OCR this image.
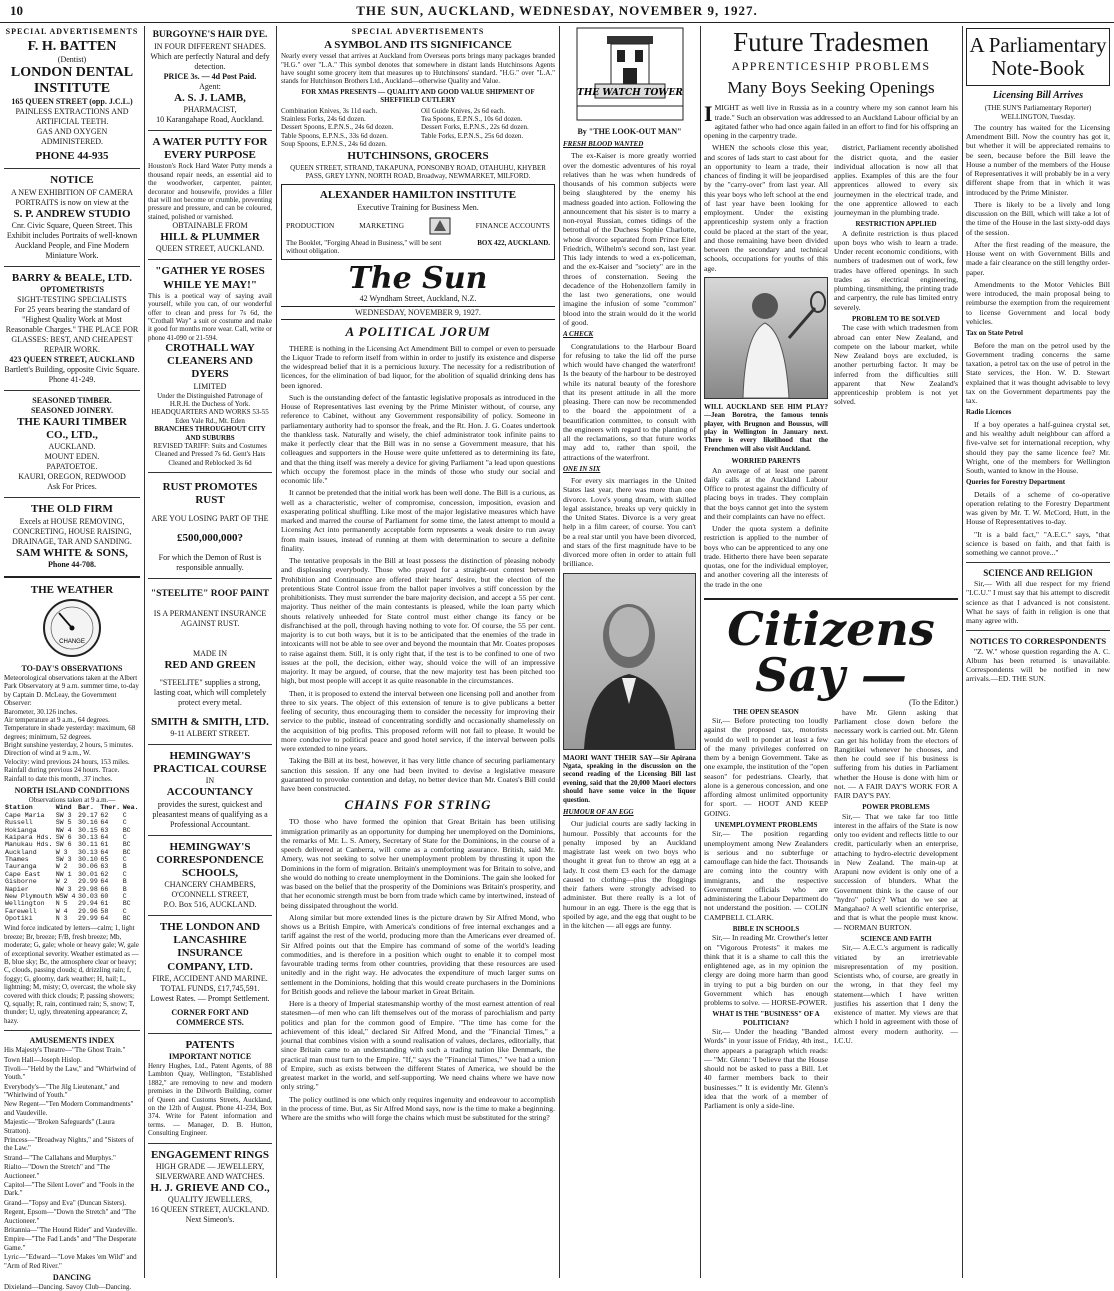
10	THE SUN, AUCKLAND, WEDNESDAY, NOVEMBER 9, 1927.
SPECIAL ADVERTISEMENTS
F. H. BATTEN
(Dentist)
LONDON DENTAL
INSTITUTE
165 QUEEN STREET (opp. J.C.L.)
PAINLESS EXTRACTIONS AND
ARTIFICIAL TEETH.
GAS AND OXYGEN
ADMINISTERED.
PHONE 44-935
NOTICE
A NEW EXHIBITION OF CAMERA PORTRAITS is now on view at the
S. P. ANDREW STUDIO
Cnr. Civic Square, Queen Street. This Exhibit includes Portraits of well-known Auckland People, and Fine Modern Miniature Work.
BARRY & BEALE, LTD.
OPTOMETRISTS
SIGHT-TESTING SPECIALISTS
For 25 years bearing the standard of "Highest Quality Work at Most Reasonable Charges." THE PLACE FOR GLASSES: BEST, AND CHEAPEST REPAIR WORK.
423 QUEEN STREET, AUCKLAND
Bartlett's Building, opposite Civic Square. Phone 41-249.
SEASONED TIMBER.
SEASONED JOINERY.
THE KAURI TIMBER
CO., LTD.,
AUCKLAND.
MOUNT EDEN.
PAPATOETOE.
KAURI, OREGON, REDWOOD
Ask For Prices.
THE OLD FIRM
Excels at HOUSE REMOVING, CONCRETING, HOUSE RAISING, DRAINAGE, TAR AND SANDING.
SAM WHITE & SONS,
Phone 44-708.
THE WEATHER
CHANGE
TO-DAY'S OBSERVATIONS
Meteorological observations taken at the Albert Park Observatory at 9 a.m. summer time, to-day by Captain D. McLeay, the Government Observer:
Barometer, 30.126 inches.
Air temperature at 9 a.m., 64 degrees.
Temperature in shade yesterday: maximum, 68 degrees; minimum, 52 degrees.
Bright sunshine yesterday, 2 hours, 5 minutes.
Direction of wind at 9 a.m., W.
Velocity: wind previous 24 hours, 153 miles.
Rainfall during previous 24 hours. Trace. Rainfall to date this month, .37 inches.
NORTH ISLAND CONDITIONS
Observations taken at 9 a.m.—
Station	Wind	Bar.	Ther.	Wea.
Cape Maria	SW 3	29.17	62	C
Russell	SW 5	30.16	64	C
Hokianga	NW 4	30.15	63	BC
Kaipara Hds.	SW 6	30.13	64	C
Manukau Hds.	SW 6	30.11	61	BC
Auckland	W 3	30.13	64	BC
Thames	SW 3	30.10	65	C
Tauranga	W 2	30.06	63	B
Cape East	NW 1	30.01	62	C
Gisborne	W 2	29.99	64	B
Napier	NW 3	29.98	66	B
New Plymouth	WSW 4	30.03	60	C
Wellington	N 5	29.94	61	BC
Farewell	W 4	29.96	58	C
Opotiki	N 3	29.99	64	BC
Wind force indicated by letters—calm; 1, light breeze; Br, breeze; F/B, fresh breeze; Mb, moderate; G, gale; whole or heavy gale; W, gale of exceptional severity. Weather estimated as —B, blue sky; Bc, the atmosphere clear or heavy; C, clouds, passing clouds; d, drizzling rain; f, foggy; G, gloomy, dark weather; H, hail; L, lightning; M, misty; O, overcast, the whole sky covered with thick clouds; P, passing showers; Q, squally; R, rain, continued rain; S, snow; T, thunder; U, ugly, threatening appearance; Z, hazy.
AMUSEMENTS INDEX
His Majesty's Theatre—"The Ghost Train."
Town Hall—Joseph Hislop.
Tivoli—"Held by the Law," and "Whirlwind of Youth."
Everybody's—"The Jilg Lieutenant," and "Whirlwind of Youth."
New Regent—"Ten Modern Commandments" and Vaudeville.
Majestic—"Broken Safeguards" (Laura Stratton).
Princess—"Broadway Nights," and "Sisters of the Law."
Strand—"The Callahans and Murphys."
Rialto—"Down the Stretch" and "The Auctioneer."
Capitol—"The Silent Lover" and "Fools in the Dark."
Grand—"Topsy and Eva" (Duncan Sisters).
Regent, Epsom—"Down the Stretch" and "The Auctioneer."
Britannia—"The Hound Rider" and Vaudeville.
Empire—"The Fad Lands" and "The Desperate Game."
Lyric—"Edward—"Love Makes 'em Wild" and "Arm of Red River."
DANCING
Dixieland—Dancing. Savoy Club—Dancing.
BURGOYNE'S HAIR DYE.
IN FOUR DIFFERENT SHADES.
Which are perfectly Natural and defy detection.
PRICE 3s. — 4d Post Paid.
Agent:
A. S. J. LAMB,
PHARMACIST,
10 Karangahape Road, Auckland.
A WATER PUTTY FOR EVERY PURPOSE
Houston's Rock Hard Water Putty mends a thousand repair needs, an essential aid to the woodworker, carpenter, painter, decorator and housewife, provides a filler that will not become or crumble, preventing pressure and pressure, and can be coloured, stained, polished or varnished.
OBTAINABLE FROM
HILL & PLUMMER
QUEEN STREET, AUCKLAND.
"GATHER YE ROSES WHILE YE MAY!"
This is a poetical way of saying avail yourself, while you can, of our wonderful offer to clean and press for 7s 6d, the "Crothall Way" a suit or costume and make it good for months more wear. Call, write or phone 41-090 or 21-594.
CROTHALL WAY CLEANERS AND DYERS
LIMITED
Under the Distinguished Patronage of H.R.H. the Duchess of York. HEADQUARTERS AND WORKS 53-55 Eden Vale Rd., Mt. Eden
BRANCHES THROUGHOUT CITY AND SUBURBS
REVISED TARIFF: Suits and Costumes Cleaned and Pressed 7s 6d. Gent's Hats Cleaned and Reblocked 3s 6d
RUST PROMOTES RUST
ARE YOU LOSING PART OF THE
£500,000,000?
For which the Demon of Rust is responsible annually.
"STEELITE" ROOF PAINT
IS A PERMANENT INSURANCE
AGAINST RUST.
MADE IN
RED AND GREEN
"STEELITE" supplies a strong, lasting coat, which will completely protect every metal.
SMITH & SMITH, LTD.
9-11 ALBERT STREET.
HEMINGWAY'S PRACTICAL COURSE
IN
ACCOUNTANCY
provides the surest, quickest and pleasantest means of qualifying as a Professional Accountant.
HEMINGWAY'S CORRESPONDENCE SCHOOLS,
CHANCERY CHAMBERS, O'CONNELL STREET,
P.O. Box 516, AUCKLAND.
THE LONDON AND LANCASHIRE INSURANCE COMPANY, LTD.
FIRE, ACCIDENT AND MARINE. TOTAL FUNDS, £17,745,591. Lowest Rates. — Prompt Settlement.
CORNER FORT AND COMMERCE STS.
PATENTS
IMPORTANT NOTICE
Henry Hughes, Ltd., Patent Agents, of 88 Lambton Quay, Wellington, "Established 1882," are removing to new and modern premises in the Dilworth Building, corner of Queen and Customs Streets, Auckland, on the 12th of August. Phone 41-234, Box 374. Write for Patent information and terms. — Manager, D. B. Hutton, Consulting Engineer.
ENGAGEMENT RINGS
HIGH GRADE — JEWELLERY, SILVERWARE AND WATCHES.
H. J. GRIEVE AND CO.,
QUALITY JEWELLERS,
16 QUEEN STREET, AUCKLAND. Next Simeon's.
SPECIAL ADVERTISEMENTS
A SYMBOL AND ITS SIGNIFICANCE
Nearly every vessel that arrives at Auckland from Overseas ports brings many packages branded "H.G." over "L.A." This symbol denotes that somewhere in distant lands Hutchinsons Agents have sought some grocery item that measures up to Hutchinsons' standard. "H.G." over "L.A." stands for Hutchinson Brothers Ltd., Auckland—otherwise Quality and Value.
FOR XMAS PRESENTS — QUALITY AND GOOD VALUE SHIPMENT OF SHEFFIELD CUTLERY
Combination Knives, 3s 11d each.
Stainless Forks, 24s 6d dozen.
Dessert Spoons, E.P.N.S., 24s 6d dozen.
Table Spoons, E.P.N.S., 33s 6d dozen.
Soup Spoons, E.P.N.S., 24s 6d dozen.
Oil Guide Knives, 2s 6d each.
Tea Spoons, E.P.N.S., 10s 6d dozen.
Dessert Forks, E.P.N.S., 22s 6d dozen.
Table Forks, E.P.N.S., 25s 6d dozen.
HUTCHINSONS, GROCERS
QUEEN STREET, STRAND, TAKAPUNA, PONSONBY ROAD, OTAHUHU, KHYBER PASS, GREY LYNN, NORTH ROAD, Broadway, NEWMARKET, MILFORD.
ALEXANDER HAMILTON INSTITUTE
Executive Training for Business Men.
PRODUCTION	MARKETING	FINANCE ACCOUNTS
The Booklet, "Forging Ahead in Business," will be sent without obligation.
BOX 422, AUCKLAND.
The Sun
42 Wyndham Street, Auckland, N.Z.
WEDNESDAY, NOVEMBER 9, 1927.
A POLITICAL JORUM

THERE is nothing in the Licensing Act Amendment Bill to compel or even to persuade the Liquor Trade to reform itself from within in order to justify its existence and disperse the widespread belief that it is a pernicious luxury. The necessity for a redistribution of licences, for the elimination of bad liquor, for the abolition of squalid drinking dens has been ignored.

Such is the outstanding defect of the fantastic legislative proposals as introduced in the House of Representatives last evening by the Prime Minister without, of course, any reference to Cabinet, without any Government responsibility of policy. Someone in parliamentary authority had to sponsor the freak, and the Rt. Hon. J. G. Coates undertook the thankless task. Naturally and wisely, the chief administrator took infinite pains to make it perfectly clear that the Bill was in no sense a Government measure, that his colleagues and supporters in the House were quite unfettered as to determining its fate, and that the thing itself was merely a device for giving Parliament "a lead upon questions which occupy the foremost place in the minds of those who study our social and economic life."

It cannot be pretended that the initial work has been well done. The Bill is a curious, as well as a characteristic, welter of compromise, concession, imposition, evasion and exasperating political shuffling. Like most of the major legislative measures which have marked and marred the course of Parliament for some time, the latest attempt to mould a Licensing Act into permanently acceptable form represents a weak desire to run away from main issues, instead of running at them with determination to secure a definite finality.

The tentative proposals in the Bill at least possess the distinction of pleasing nobody and displeasing everybody. Those who prayed for a straight-out contest between Prohibition and Continuance are offered their hearts' desire, but the election of the pretentious State Control issue from the ballot paper involves a stiff concession by the prohibitionists. They must surrender the bare majority decision, and accept a 55 per cent. majority. Thus neither of the main contestants is pleased, while the loan party which shouts relatively unheeded for State control must either change its fancy or be disfranchised at the poll, through having nothing to vote for. Of course, the 55 per cent. majority is to cut both ways, but it is to be anticipated that the enemies of the trade in intoxicants will not be able to see over and beyond the mountain that Mr. Coates proposes to raise against them. Still, it is only right that, if the test is to be confined to one of two issues at the poll, the decision, either way, should voice the will of an impressive majority. It may be argued, of course, that the new majority test has been pitched too high, but most people will accept it as quite reasonable in the circumstances.

Then, it is proposed to extend the interval between one licensing poll and another from three to six years. The object of this extension of tenure is to give publicans a better feeling of security, thus encouraging them to consider the necessity for improving their service to the public, instead of concentrating sordidly and occasionally shamelessly on the acquisition of big profits. This proposed reform will not fail to please. It would be more conducive to political peace and good hotel service, if the interval between polls were extended to nine years.

Taking the Bill at its best, however, it has very little chance of securing parliamentary sanction this session. If any one had been invited to devise a legislative measure guaranteed to provoke contention and delay, no better device than Mr. Coates's Bill could have been constructed.

CHAINS FOR STRING

TO those who have formed the opinion that Great Britain has been utilising immigration primarily as an opportunity for dumping her unemployed on the Dominions, the remarks of Mr. L. S. Amery, Secretary of State for the Dominions, in the course of a speech delivered at Canberra, will come as a comforting assurance. British, said Mr. Amery, was not seeking to solve her unemployment problem by thrusting it upon the Dominions in the form of migration. Britain's unemployment was for Britain to solve, and she would do nothing to create unemployment in the Dominions. The gain she looked for was based on the belief that the prosperity of the Dominions was Britain's prosperity, and that her economic strength must be born from trade which came by intertwined, instead of being dissipated throughout the world.

Along similar but more extended lines is the picture drawn by Sir Alfred Mond, who shows us a British Empire, with America's conditions of free internal exchanges and a tariff against the rest of the world, producing more than the Americans ever dreamed of. Sir Alfred points out that the Empire has command of some of the world's leading commodities, and is therefore in a position which ought to enable it to compel most favourable trading terms from other countries, providing that these resources are used unitedly and in the right way. He advocates the expenditure of much larger sums on settlement in the Dominions, holding that this would create purchasers in the Dominions for British goods and relieve the labour market in Great Britain.

Here is a theory of Imperial statesmanship worthy of the most earnest attention of real statesmen—of men who can lift themselves out of the morass of parochialism and party politics and plan for the common good of Empire. "The time has come for the achievement of this ideal," declared Sir Alfred Mond, and the "Financial Times," a journal that combines vision with a sound realisation of values, declares, editorially, that since Britain came to an understanding with such a trading nation like Denmark, the practical man must turn to the Empire. "If," says the "Financial Times," "we had a union of Empire, such as exists between the different States of America, we should be the greatest market in the world, and self-supporting. We need chains where we have now only string."

The policy outlined is one which only requires ingenuity and endeavour to accomplish in the process of time. But, as Sir Alfred Mond says, now is the time to make a beginning. Where are the smiths who will forge the chains which must be substituted for the string?

THE WATCH TOWER
By "THE LOOK-OUT MAN"
FRESH BLOOD WANTED

The ex-Kaiser is more greatly worried over the domestic adventures of his royal relatives than he was when hundreds of thousands of his common subjects were being slaughtered by the enemy his madness goaded into action. Following the announcement that his sister is to marry a non-royal Russian, comes tidings of the betrothal of the Duchess Sophie Charlotte, whose divorce separated from Prince Eitel Friedrich, Wilhelm's second son, last year. This lady intends to wed a ex-policeman, and the ex-Kaiser and "society" are in the throes of consternation. Seeing the decadence of the Hohenzollern family in the last two generations, one would imagine the infusion of some "common" blood into the strain would do it the world of good.

A CHECK

Congratulations to the Harbour Board for refusing to take the lid off the purse which would have changed the waterfront! Is the beauty of the harbour to be destroyed while its natural beauty of the foreshore that its present attitude in all the more pleasing. There can now be recommended to the board the appointment of a beautification committee, to consult with the engineers with regard to the planting of all the reclamations, so that future works may add to, rather than spoil, the attractions of the waterfront.

ONE IN SIX

For every six marriages in the United States last year, there was more than one divorce. Love's young dream, with skilled legal assistance, breaks up very quickly in the United States. Divorce is a very great help in a film career, of course. You can't be a real star until you have been divorced, and stars of the first magnitude have to be divorced more often in order to attain full brilliance.

MAORI WANT THEIR SAY—Sir Apirana Ngata, speaking in the discussion on the second reading of the Licensing Bill last evening, said that the 20,000 Maori electors should have some voice in the liquor question.
HUMOUR OF AN EGG

Our judicial courts are sadly lacking in humour. Possibly that accounts for the penalty imposed by an Auckland magistrate last week on two boys who thought it great fun to throw an egg at a lady. It cost them £3 each for the damage caused to clothing—plus the floggings their fathers were strongly advised to administer. But there really is a lot of humour in an egg. There is the egg that is spoiled by age, and the egg that ought to be in the kitchen — all eggs are funny.

Future Tradesmen
APPRENTICESHIP PROBLEMS
Many Boys Seeking Openings

IMIGHT as well live in Russia as in a country where my son cannot learn his trade." Such an observation was addressed to an Auckland Labour official by an agitated father who had once again failed in an effort to find for his offspring an opening in the carpentry trade.

WHEN the schools close this year, and scores of lads start to cast about for an opportunity to learn a trade, their chances of finding it will be jeopardised by the "carry-over" from last year. All this year boys who left school at the end of last year have been looking for employment. Under the existing apprenticeship system only a fraction could be placed at the start of the year, and those remaining have been divided between the secondary and technical schools, occupations for youths of this age.

WILL AUCKLAND SEE HIM PLAY? —Jean Borotra, the famous tennis player, with Brugnon and Boussus, will play in Wellington in January next. There is every likelihood that the Frenchmen will also visit Auckland.
WORRIED PARENTS

An average of at least one parent daily calls at the Auckland Labour Office to protest against the difficulty of placing boys in trades. They complain that the boys cannot get into the system and their complaints can have no effect.

Under the quota system a definite restriction is applied to the number of boys who can be apprenticed to any one trade. Hitherto there have been separate quotas, one for the individual employer, and another covering all the interests of the trade in the one

district, Parliament recently abolished the district quota, and the easier individual allocation is now all that applies. Examples of this are the four apprentices allowed to every six journeymen in the electrical trade, and the one apprentice allowed to each journeyman in the plumbing trade.

RESTRICTION APPLIED

A definite restriction is thus placed upon boys who wish to learn a trade. Under recent economic conditions, with numbers of tradesmen out of work, few trades have offered openings. In such trades as electrical engineering, plumbing, tinsmithing, the printing trade and carpentry, the rule has limited entry severely.

PROBLEM TO BE SOLVED

The case with which tradesmen from abroad can enter New Zealand, and compete on the labour market, while New Zealand boys are excluded, is another perturbing factor. It may be inferred from the difficulties still apparent that New Zealand's apprenticeship problem is not yet solved.

Citizens Say —
(To the Editor.)
THE OPEN SEASON

Sir,— Before protecting too loudly against the proposed tax, motorists would do well to ponder at least a few of the many privileges conferred on them by a benign Government. Take as one example, the institution of the "open season" for pedestrians. Clearly, that alone is a generous concession, and one affording almost unlimited opportunity for sport. — HOOT AND KEEP GOING.

UNEMPLOYMENT PROBLEMS

Sir,— The position regarding unemployment among New Zealanders is serious and no subterfuge or camouflage can hide the fact. Thousands are coming into the country with immigrants, and the respective Government officials who are administering the Labour Department do not understand the position. — COLIN CAMPBELL CLARK.

BIBLE IN SCHOOLS

Sir,— In reading Mr. Crowther's letter on "Vigorous Protests" it makes me think that it is a shame to call this the enlightened age, as in my opinion the clergy are doing more harm than good in trying to put a big burden on our Government which has enough problems to solve. — HORSE-POWER.

WHAT IS THE "BUSINESS" OF A POLITICIAN?

Sir,— Under the heading "Banded Words" in your issue of Friday, 4th inst., there appears a paragraph which reads:— "Mr. Glenn: 'I believe that the House should not be asked to pass a Bill. Let 40 farmer members back to their businesses.'" It is evidently Mr. Glenn's idea that the work of a member of Parliament is only a side-line.

have Mr. Glenn asking that Parliament close down before the necessary work is carried out. Mr. Glenn can get his holiday from the electors of Rangitikei whenever he chooses, and then he could see if his business is suffering from his duties in Parliament whether the House is done with him or not. — A FAIR DAY'S WORK FOR A FAIR DAY'S PAY.

POWER PROBLEMS

Sir,— That we take far too little interest in the affairs of the State is now only too evident and reflects little to our credit, particularly when an enterprise, attaching to hydro-electric development in New Zealand. The main-up at Arapuni now evident is only one of a succession of blunders. What the Government think is the cause of our "hydro" policy? What do we see at Mangahao? A well scientific enterprise, and that is what the people must know. — NORMAN BURTON.

SCIENCE AND FAITH

Sir,— A.E.C.'s argument is radically vitiated by an irretrievable misrepresentation of my position. Scientists who, of course, are greatly in the wrong, in that they feel my statement—which I have written justifies his assertion that I deny the existence of matter. My views are that which I hold in agreement with those of almost every modern authority. — I.C.U.

A Parliamentary Note-Book
Licensing Bill Arrives
(THE SUN'S Parliamentary Reporter) WELLINGTON, Tuesday.

The country has waited for the Licensing Amendment Bill. Now the country has got it, but whether it will be appreciated remains to be seen, because before the Bill leave the House a number of the members of the House of Representatives it will probably be in a very different shape from that in which it was introduced by the Prime Minister.

There is likely to be a lively and long discussion on the Bill, which will take a lot of the time of the House in the last sixty-odd days of the session.

After the first reading of the measure, the House went on with Government Bills and made a fair clearance on the still lengthy order-paper.

Amendments to the Motor Vehicles Bill were introduced, the main proposal being to reimburse the exemption from the requirement to license Government and local body vehicles.

Tax on State Petrol

Before the man on the petrol used by the Government trading concerns the same taxation, a petrol tax on the use of petrol in the State services, the Hon. W. D. Stewart explained that it was thought advisable to levy tax on the Government departments pay the tax.

Radio Licences

If a boy operates a half-guinea crystal set, and his wealthy adult neighbour can afford a five-valve set for international reception, why should they pay the same licence fee? Mr. Wright, one of the members for Wellington South, wanted to know in the House.

Queries for Forestry Department

Details of a scheme of co-operative operation relating to the Forestry Department was given by Mr. T. W. McCord, Hutt, in the House of Representatives to-day.

"It is a bald fact," "A.E.C." says, "that science is based on faith, and that faith is something we cannot prove..."

SCIENCE AND RELIGION

Sir,— With all due respect for my friend "I.C.U." I must say that his attempt to discredit science as that I advanced is not consistent. What he says of faith in religion is one that many agree with.

NOTICES TO CORRESPONDENTS

"Z. W." whose question regarding the A. C. Album has been returned is unavailable. Correspondents will be notified in new arrivals.—ED. THE SUN.
